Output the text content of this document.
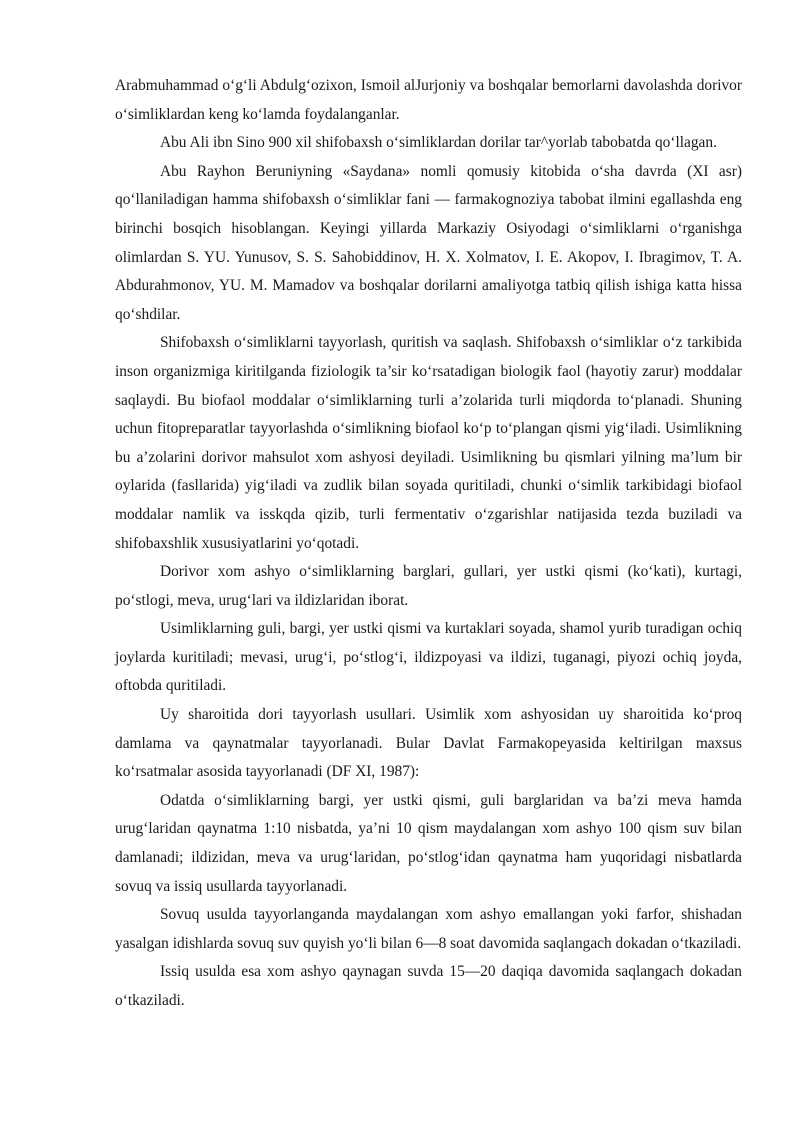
Arabmuhammad o‘g‘li Abdulg‘ozixon, Ismoil alJurjoniy va boshqalar bemorlarni davolashda dorivor o‘simliklardan keng ko‘lamda foydalanganlar.

Abu Ali ibn Sino 900 xil shifobaxsh o‘simliklardan dorilar tar^yorlab tabobatda qo‘llagan.

Abu Rayhon Beruniyning «Saydana» nomli qomusiy kitobida o‘sha davrda (XI asr) qo‘llaniladigan hamma shifobaxsh o‘simliklar fani — farmakognoziya tabobat ilmini egallashda eng birinchi bosqich hisoblangan. Keyingi yillarda Markaziy Osiyodagi o‘simliklarni o‘rganishga olimlardan S. YU. Yunusov, S. S. Sahobiddinov, H. X. Xolmatov, I. E. Akopov, I. Ibragimov, T. A. Abdurahmonov, YU. M. Mamadov va boshqalar dorilarni amaliyotga tatbiq qilish ishiga katta hissa qo‘shdilar.

Shifobaxsh o‘simliklarni tayyorlash, quritish va saqlash. Shifobaxsh o‘simliklar o‘z tarkibida inson organizmiga kiritilganda fiziologik ta’sir ko‘rsatadigan biologik faol (hayotiy zarur) moddalar saqlaydi. Bu biofaol moddalar o‘simliklarning turli a’zolarida turli miqdorda to‘planadi. Shuning uchun fitopreparatlar tayyorlashda o‘simlikning biofaol ko‘p to‘plangan qismi yig‘iladi. Usimlikning bu a’zolarini dorivor mahsulot xom ashyosi deyiladi. Usimlikning bu qismlari yilning ma’lum bir oylarida (fasllarida) yig‘iladi va zudlik bilan soyada quritiladi, chunki o‘simlik tarkibidagi biofaol moddalar namlik va isskqda qizib, turli fermentativ o‘zgarishlar natijasida tezda buziladi va shifobaxshlik xususiyatlarini yo‘qotadi.

Dorivor xom ashyo o‘simliklarning barglari, gullari, yer ustki qismi (ko‘kati), kurtagi, po‘stlogi, meva, urug‘lari va ildizlaridan iborat.

Usimliklarning guli, bargi, yer ustki qismi va kurtaklari soyada, shamol yurib turadigan ochiq joylarda kuritiladi; mevasi, urug‘i, po‘stlog‘i, ildizpoyasi va ildizi, tuganagi, piyozi ochiq joyda, oftobda quritiladi.

Uy sharoitida dori tayyorlash usullari. Usimlik xom ashyosidan uy sharoitida ko‘proq damlama va qaynatmalar tayyorlanadi. Bular Davlat Farmakopeyasida keltirilgan maxsus ko‘rsatmalar asosida tayyorlanadi (DF XI, 1987):

Odatda o‘simliklarning bargi, yer ustki qismi, guli barglaridan va ba’zi meva hamda urug‘laridan qaynatma 1:10 nisbatda, ya’ni 10 qism maydalangan xom ashyo 100 qism suv bilan damlanadi; ildizidan, meva va urug‘laridan, po‘stlog‘idan qaynatma ham yuqoridagi nisbatlarda sovuq va issiq usullarda tayyorlanadi.

Sovuq usulda tayyorlanganda maydalangan xom ashyo emallangan yoki farfor, shishadan yasalgan idishlarda sovuq suv quyish yo‘li bilan 6—8 soat davomida saqlangach dokadan o‘tkaziladi.

Issiq usulda esa xom ashyo qaynagan suvda 15—20 daqiqa davomida saqlangach dokadan o‘tkaziladi.
